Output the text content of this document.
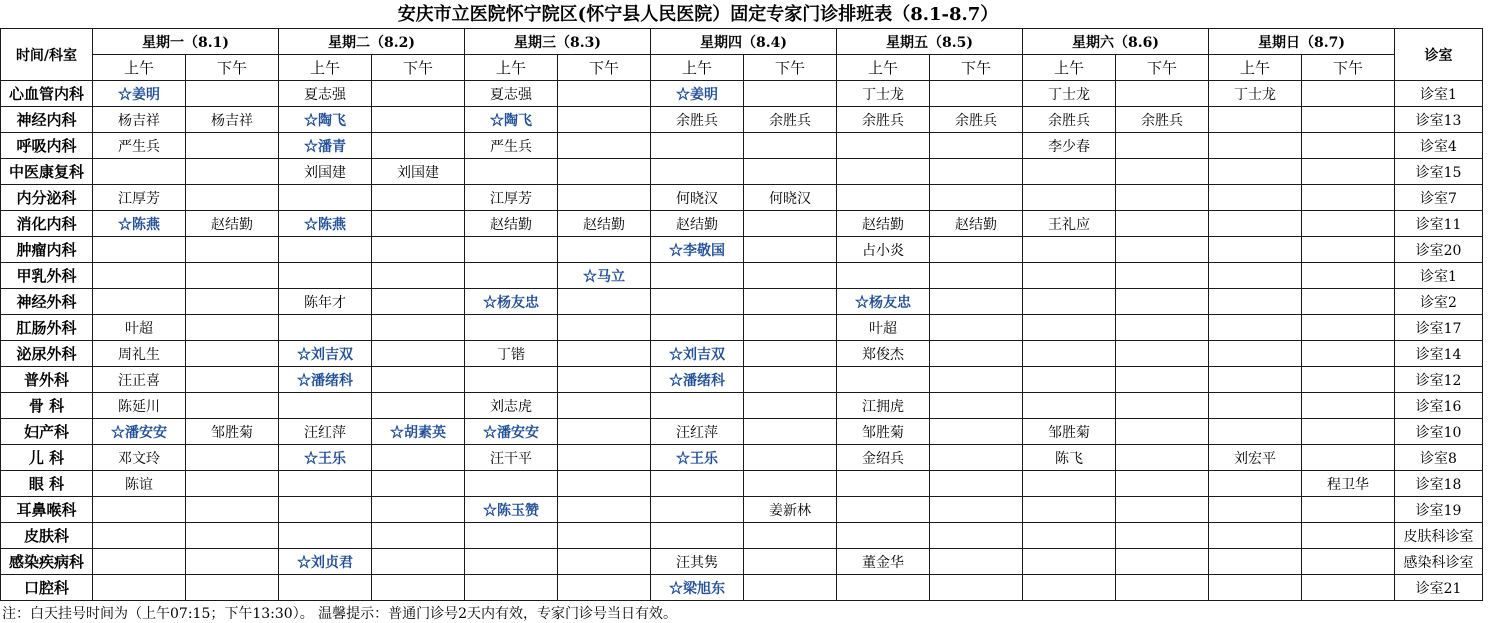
安庆市立医院怀宁院区(怀宁县人民医院）固定专家门诊排班表（8.1-8.7）
时间/科室	星期一（8.1)		星期二（8.2)		星期三（8.3)		星期四（8.4)		星期五（8.5)		星期六（8.6)		星期日（8.7)		诊室
	上午	下午	上午	下午	上午	下午	上午	下午	上午	下午	上午	下午	上午	下午	
心血管内科	☆姜明		夏志强		夏志强		☆姜明		丁士龙		丁士龙		丁士龙		诊室1
神经内科	杨吉祥	杨吉祥	☆陶飞		☆陶飞		余胜兵	余胜兵	余胜兵	余胜兵	余胜兵	余胜兵			诊室13
呼吸内科	严生兵		☆潘青		严生兵						李少春				诊室4
中医康复科			刘国建	刘国建											诊室15
内分泌科	江厚芳				江厚芳		何晓汉	何晓汉							诊室7
消化内科	☆陈燕	赵结勤	☆陈燕		赵结勤	赵结勤	赵结勤		赵结勤	赵结勤	王礼应				诊室11
肿瘤内科							☆李敬国		占小炎						诊室20
甲乳外科						☆马立									诊室1
神经外科			陈年才		☆杨友忠				☆杨友忠						诊室2
肛肠外科	叶超								叶超						诊室17
泌尿外科	周礼生		☆刘吉双		丁锴		☆刘吉双		郑俊杰						诊室14
普外科	汪正喜		☆潘绪科				☆潘绪科								诊室12
骨 科	陈延川				刘志虎				江拥虎						诊室16
妇产科	☆潘安安	邹胜菊	汪红萍	☆胡素英	☆潘安安		汪红萍		邹胜菊		邹胜菊				诊室10
儿 科	邓文玲		☆王乐		汪干平		☆王乐		金绍兵		陈飞		刘宏平		诊室8
眼 科	陈谊													程卫华	诊室18
耳鼻喉科					☆陈玉赞			姜新林							诊室19
皮肤科															皮肤科诊室
感染疾病科			☆刘贞君				汪其隽		董金华						感染科诊室
口腔科							☆梁旭东								诊室21
注：白天挂号时间为（上午07:15；下午13:30）。 温馨提示：普通门诊号2天内有效，专家门诊号当日有效。
